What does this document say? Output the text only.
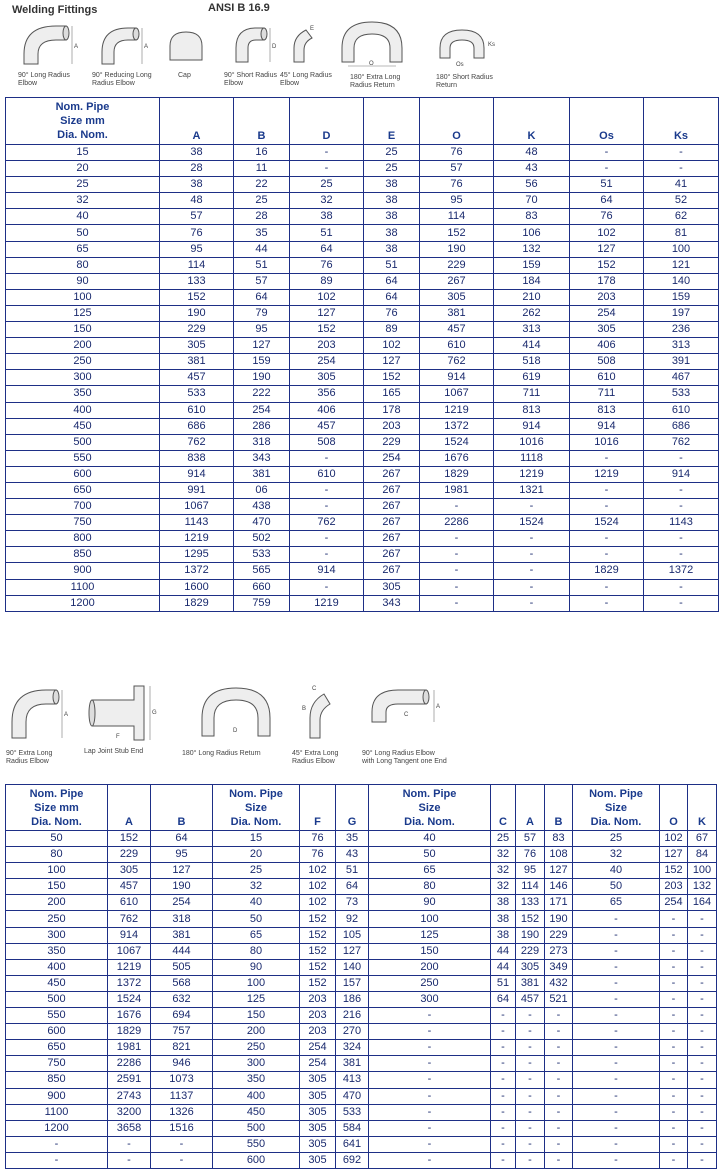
Welding Fittings	ANSI B 16.9
A
90° Long Radius
Elbow
A
90° Reducing Long
Radius Elbow
Cap
D
90° Short Radius
Elbow
E
45° Long Radius
Elbow
O
180° Extra Long
Radius Return
Os
Ks
180° Short Radius
Return
Nom. Pipe
Size mm
Dia. Nom.	A	B	D	E	O	K	Os	Ks
15	38	16	-	25	76	48	-	-
20	28	11	-	25	57	43	-	-
25	38	22	25	38	76	56	51	41
32	48	25	32	38	95	70	64	52
40	57	28	38	38	114	83	76	62
50	76	35	51	38	152	106	102	81
65	95	44	64	38	190	132	127	100
80	114	51	76	51	229	159	152	121
90	133	57	89	64	267	184	178	140
100	152	64	102	64	305	210	203	159
125	190	79	127	76	381	262	254	197
150	229	95	152	89	457	313	305	236
200	305	127	203	102	610	414	406	313
250	381	159	254	127	762	518	508	391
300	457	190	305	152	914	619	610	467
350	533	222	356	165	1067	711	711	533
400	610	254	406	178	1219	813	813	610
450	686	286	457	203	1372	914	914	686
500	762	318	508	229	1524	1016	1016	762
550	838	343	-	254	1676	1118	-	-
600	914	381	610	267	1829	1219	1219	914
650	991	06	-	267	1981	1321	-	-
700	1067	438	-	267	-	-	-	-
750	1143	470	762	267	2286	1524	1524	1143
800	1219	502	-	267	-	-	-	-
850	1295	533	-	267	-	-	-	-
900	1372	565	914	267	-	-	1829	1372
1100	1600	660	-	305	-	-	-	-
1200	1829	759	1219	343	-	-	-	-
A
90° Extra Long
Radius Elbow
G
F
Lap Joint Stub End
D
180° Long Radius Return
C
B
45° Extra Long
Radius Elbow
A
C
90° Long Radius Elbow
with Long Tangent one End
Nom. Pipe
Size mm
Dia. Nom.	A	B	Nom. Pipe
Size
Dia. Nom.	F	G	Nom. Pipe
Size
Dia. Nom.	C	A	B	Nom. Pipe
Size
Dia. Nom.	O	K
50	152	64	15	76	35	40	25	57	83	25	102	67
80	229	95	20	76	43	50	32	76	108	32	127	84
100	305	127	25	102	51	65	32	95	127	40	152	100
150	457	190	32	102	64	80	32	114	146	50	203	132
200	610	254	40	102	73	90	38	133	171	65	254	164
250	762	318	50	152	92	100	38	152	190	-	-	-
300	914	381	65	152	105	125	38	190	229	-	-	-
350	1067	444	80	152	127	150	44	229	273	-	-	-
400	1219	505	90	152	140	200	44	305	349	-	-	-
450	1372	568	100	152	157	250	51	381	432	-	-	-
500	1524	632	125	203	186	300	64	457	521	-	-	-
550	1676	694	150	203	216	-	-	-	-	-	-	-
600	1829	757	200	203	270	-	-	-	-	-	-	-
650	1981	821	250	254	324	-	-	-	-	-	-	-
750	2286	946	300	254	381	-	-	-	-	-	-	-
850	2591	1073	350	305	413	-	-	-	-	-	-	-
900	2743	1137	400	305	470	-	-	-	-	-	-	-
1100	3200	1326	450	305	533	-	-	-	-	-	-	-
1200	3658	1516	500	305	584	-	-	-	-	-	-	-
-	-	-	550	305	641	-	-	-	-	-	-	-
-	-	-	600	305	692	-	-	-	-	-	-	-
